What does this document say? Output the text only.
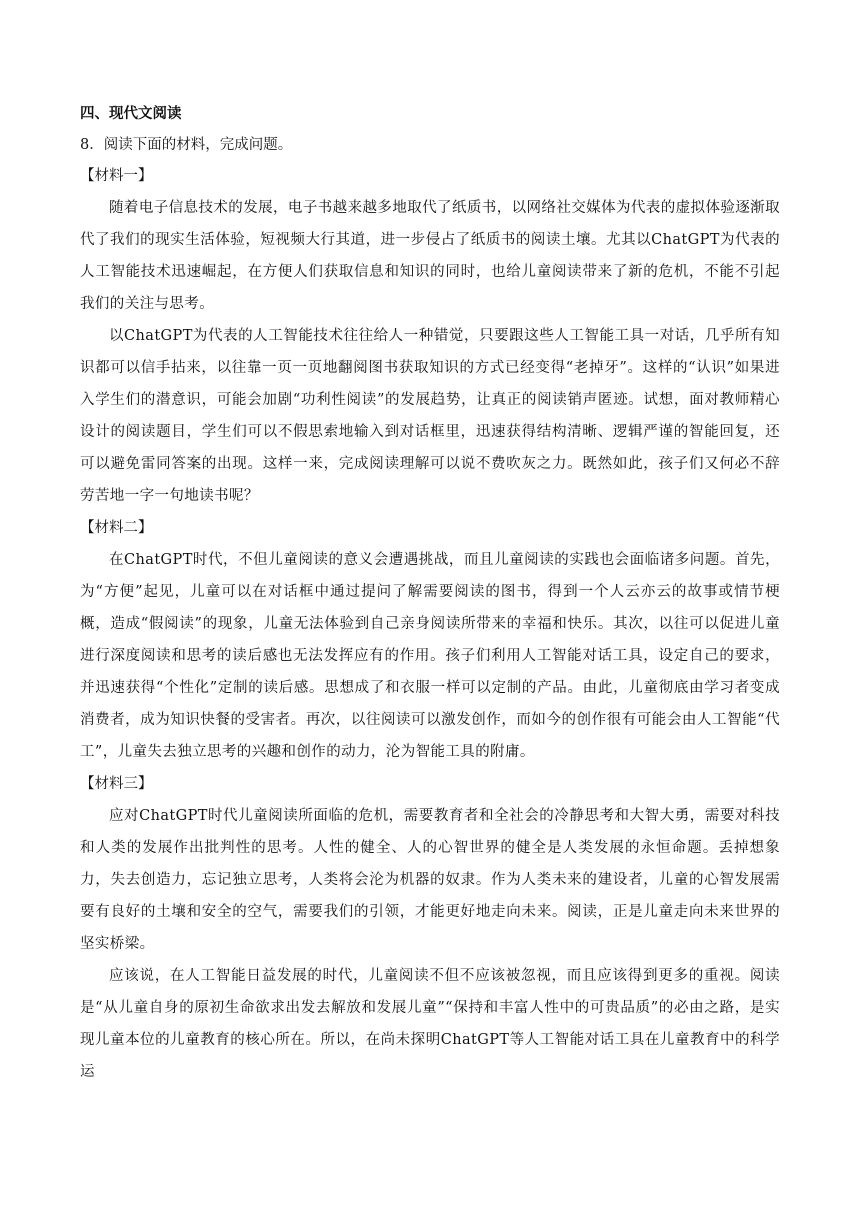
四、现代文阅读

8．阅读下面的材料，完成问题。

【材料一】

随着电子信息技术的发展，电子书越来越多地取代了纸质书，以网络社交媒体为代表的虚拟体验逐渐取代了我们的现实生活体验，短视频大行其道，进一步侵占了纸质书的阅读土壤。尤其以ChatGPT为代表的人工智能技术迅速崛起，在方便人们获取信息和知识的同时，也给儿童阅读带来了新的危机，不能不引起我们的关注与思考。

以ChatGPT为代表的人工智能技术往往给人一种错觉，只要跟这些人工智能工具一对话，几乎所有知识都可以信手拈来，以往靠一页一页地翻阅图书获取知识的方式已经变得“老掉牙”。这样的“认识”如果进入学生们的潜意识，可能会加剧“功利性阅读”的发展趋势，让真正的阅读销声匿迹。试想，面对教师精心设计的阅读题目，学生们可以不假思索地输入到对话框里，迅速获得结构清晰、逻辑严谨的智能回复，还可以避免雷同答案的出现。这样一来，完成阅读理解可以说不费吹灰之力。既然如此，孩子们又何必不辞劳苦地一字一句地读书呢？

【材料二】

在ChatGPT时代，不但儿童阅读的意义会遭遇挑战，而且儿童阅读的实践也会面临诸多问题。首先，为“方便”起见，儿童可以在对话框中通过提问了解需要阅读的图书，得到一个人云亦云的故事或情节梗概，造成“假阅读”的现象，儿童无法体验到自己亲身阅读所带来的幸福和快乐。其次，以往可以促进儿童进行深度阅读和思考的读后感也无法发挥应有的作用。孩子们利用人工智能对话工具，设定自己的要求，并迅速获得“个性化”定制的读后感。思想成了和衣服一样可以定制的产品。由此，儿童彻底由学习者变成消费者，成为知识快餐的受害者。再次，以往阅读可以激发创作，而如今的创作很有可能会由人工智能“代工”，儿童失去独立思考的兴趣和创作的动力，沦为智能工具的附庸。

【材料三】

应对ChatGPT时代儿童阅读所面临的危机，需要教育者和全社会的冷静思考和大智大勇，需要对科技和人类的发展作出批判性的思考。人性的健全、人的心智世界的健全是人类发展的永恒命题。丢掉想象力，失去创造力，忘记独立思考，人类将会沦为机器的奴隶。作为人类未来的建设者，儿童的心智发展需要有良好的土壤和安全的空气，需要我们的引领，才能更好地走向未来。阅读，正是儿童走向未来世界的坚实桥梁。

应该说，在人工智能日益发展的时代，儿童阅读不但不应该被忽视，而且应该得到更多的重视。阅读是“从儿童自身的原初生命欲求出发去解放和发展儿童”“保持和丰富人性中的可贵品质”的必由之路，是实现儿童本位的儿童教育的核心所在。所以，在尚未探明ChatGPT等人工智能对话工具在儿童教育中的科学运
